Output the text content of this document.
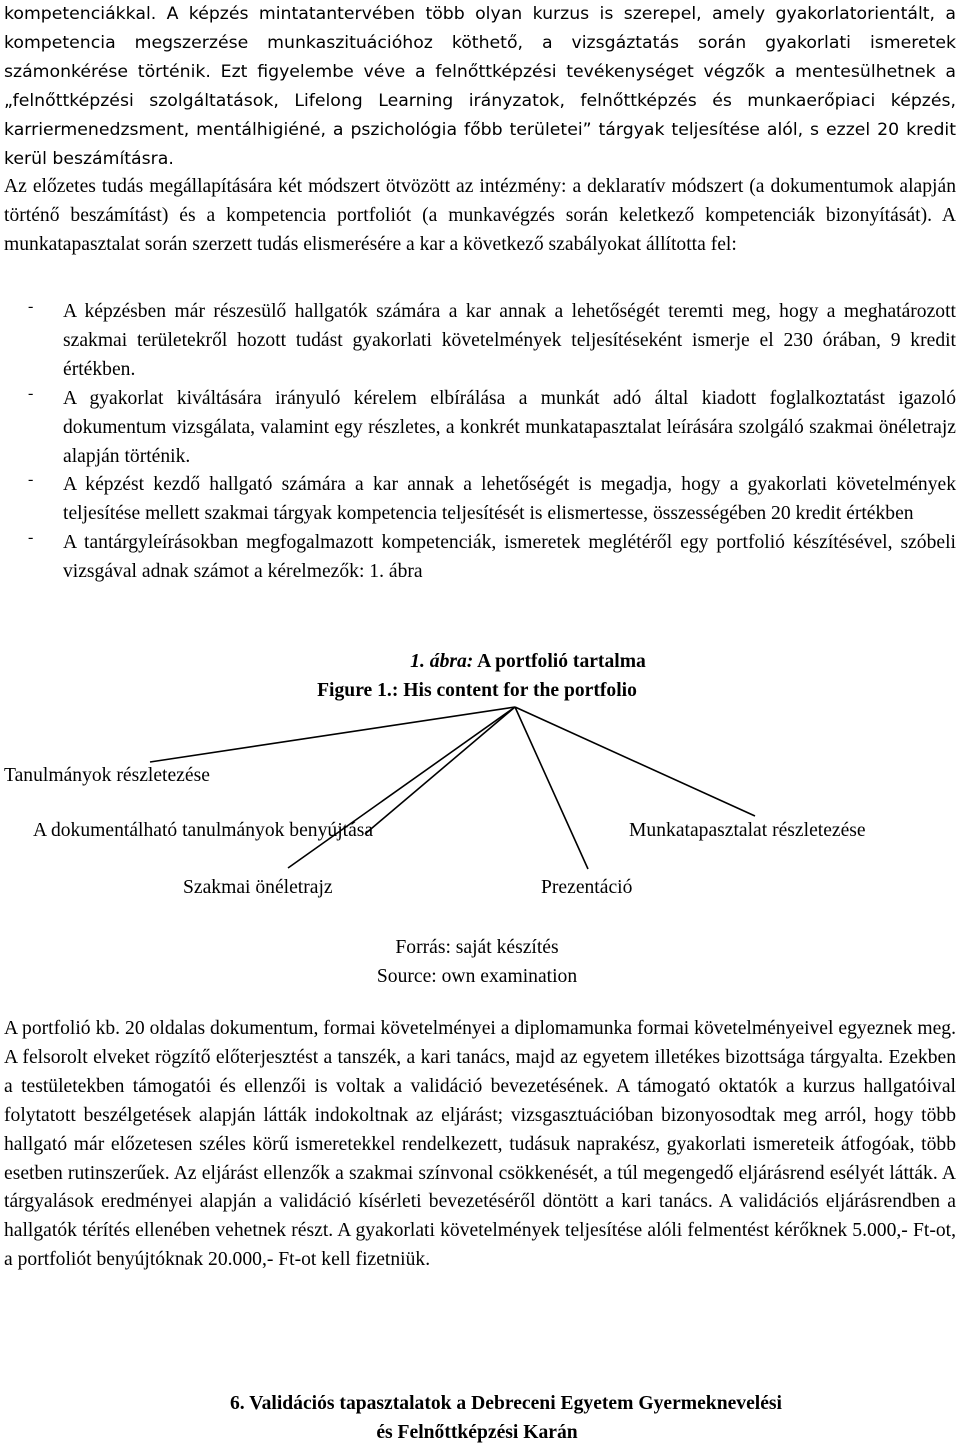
kompetenciákkal. A képzés mintatantervében több olyan kurzus is szerepel, amely gyakorlatorientált, a kompetencia megszerzése munkaszituációhoz köthető, a vizsgáztatás során gyakorlati ismeretek számonkérése történik. Ezt figyelembe véve a felnőttképzési tevékenységet végzők a mentesülhetnek a „felnőttképzési szolgáltatások, Lifelong Learning irányzatok, felnőttképzés és munkaerőpiaci képzés, karriermenedzsment, mentálhigiéné, a pszichológia főbb területei” tárgyak teljesítése alól, s ezzel 20 kredit kerül beszámításra.

Az előzetes tudás megállapítására két módszert ötvözött az intézmény: a deklaratív módszert (a dokumentumok alapján történő beszámítást) és a kompetencia portfoliót (a munkavégzés során keletkező kompetenciák bizonyítását). A munkatapasztalat során szerzett tudás elismerésére a kar a következő szabályokat állította fel:

- A képzésben már részesülő hallgatók számára a kar annak a lehetőségét teremti meg, hogy a meghatározott szakmai területekről hozott tudást gyakorlati követelmények teljesítéseként ismerje el 230 órában, 9 kredit értékben.
- A gyakorlat kiváltására irányuló kérelem elbírálása a munkát adó által kiadott foglalkoztatást igazoló dokumentum vizsgálata, valamint egy részletes, a konkrét munkatapasztalat leírására szolgáló szakmai önéletrajz alapján történik.
- A képzést kezdő hallgató számára a kar annak a lehetőségét is megadja, hogy a gyakorlati követelmények teljesítése mellett szakmai tárgyak kompetencia teljesítését is elismertesse, összességében 20 kredit értékben
- A tantárgyleírásokban megfogalmazott kompetenciák, ismeretek meglétéről egy portfolió készítésével, szóbeli vizsgával adnak számot a kérelmezők: 1. ábra
1. ábra: A portfolió tartalma
Figure 1.: His content for the portfolio
Tanulmányok részletezése
A dokumentálható tanulmányok benyújtása	Munkatapasztalat részletezése
Szakmai önéletrajz	Prezentáció
Forrás: saját készítés
Source: own examination

A portfolió kb. 20 oldalas dokumentum, formai követelményei a diplomamunka formai követelményeivel egyeznek meg. A felsorolt elveket rögzítő előterjesztést a tanszék, a kari tanács, majd az egyetem illetékes bizottsága tárgyalta. Ezekben a testületekben támogatói és ellenzői is voltak a validáció bevezetésének. A támogató oktatók a kurzus hallgatóival folytatott beszélgetések alapján látták indokoltnak az eljárást; vizsgasztuációban bizonyosodtak meg arról, hogy több hallgató már előzetesen széles körű ismeretekkel rendelkezett, tudásuk naprakész, gyakorlati ismereteik átfogóak, több esetben rutinszerűek. Az eljárást ellenzők a szakmai színvonal csökkenését, a túl megengedő eljárásrend esélyét látták. A tárgyalások eredményei alapján a validáció kísérleti bevezetéséről döntött a kari tanács. A validációs eljárásrendben a hallgatók térítés ellenében vehetnek részt. A gyakorlati követelmények teljesítése alóli felmentést kérőknek 5.000,- Ft-ot, a portfoliót benyújtóknak 20.000,- Ft-ot kell fizetniük.

6. Validációs tapasztalatok a Debreceni Egyetem Gyermeknevelési
és Felnőttképzési Karán
